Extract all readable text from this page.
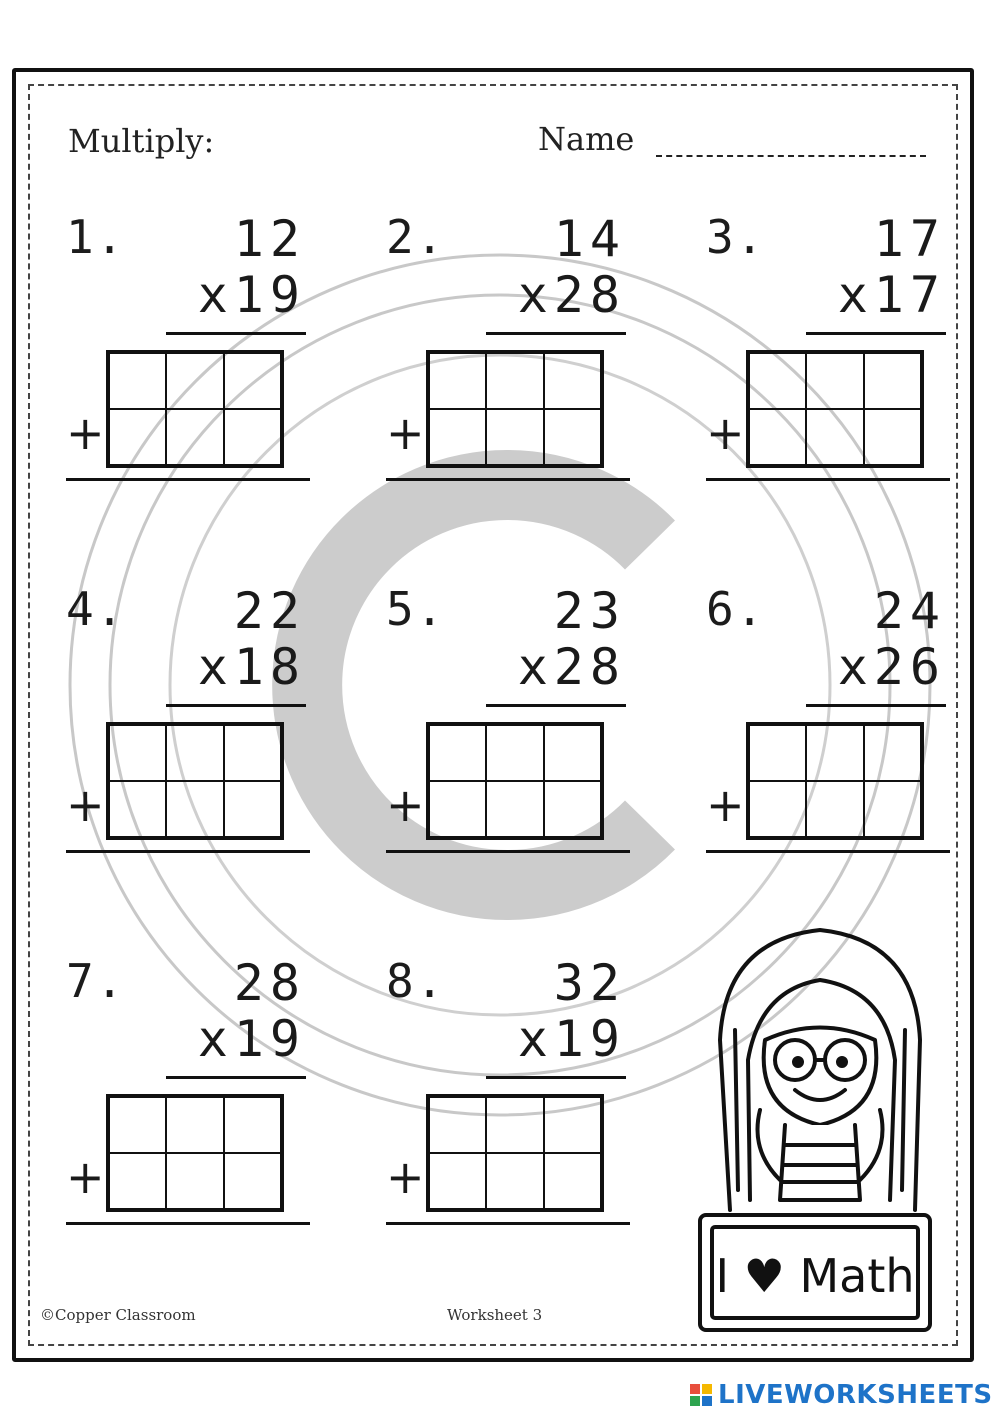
Multiply:	Name
1. 12
x19
+
2. 14
x28
+
3. 17
x17
+
4. 22
x18
+
5. 23
x28
+
6. 24
x26
+
7. 28
x19
+
8. 32
x19
+
I ♥ Math
©Copper Classroom	Worksheet 3
LIVEWORKSHEETS
